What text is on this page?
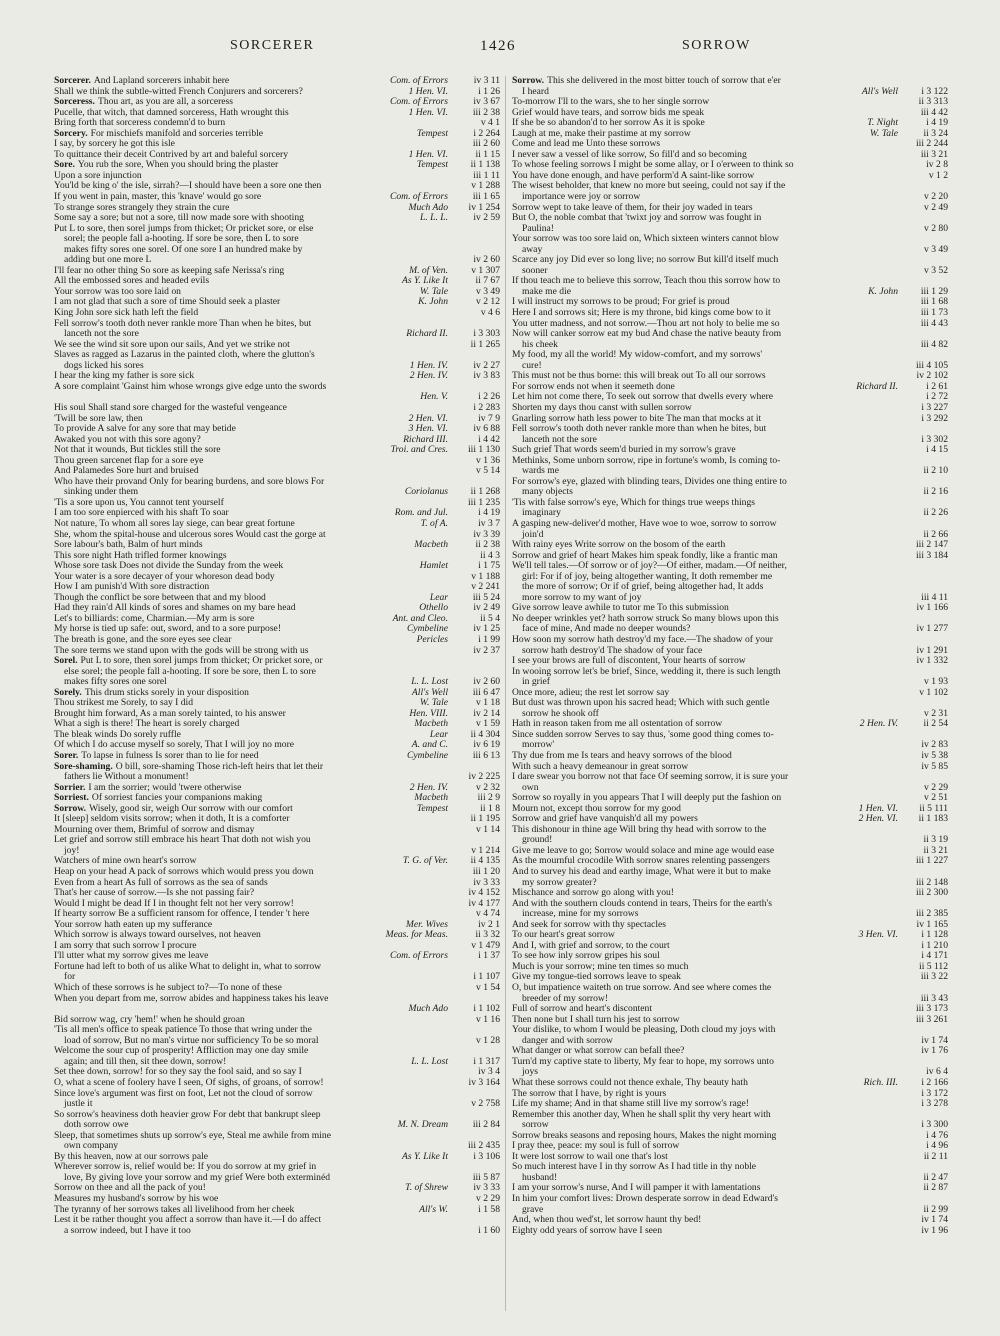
SORCERER	1426	SORROW
Sorcerer. And Lapland sorcerers inhabit here	Com. of Errors	iv 3 11
Shall we think the subtle-witted French Conjurers and sorcerers?	1 Hen. VI.	i 1 26
Sorceress. Thou art, as you are all, a sorceress	Com. of Errors	iv 3 67
Pucelle, that witch, that damned sorceress, Hath wrought this	1 Hen. VI.	iii 2 38
Bring forth that sorceress condemn'd to burn	v 4 1
Sorcery. For mischiefs manifold and sorceries terrible	Tempest	i 2 264
I say, by sorcery he got this isle	iii 2 60
To quittance their deceit Contrived by art and baleful sorcery	1 Hen. VI.	ii 1 15
Sore. You rub the sore, When you should bring the plaster	Tempest	ii 1 138
Upon a sore injunction	iii 1 11
You'ld be king o' the isle, sirrah?—I should have been a sore one then	v 1 288
If you went in pain, master, this 'knave' would go sore	Com. of Errors	iii 1 65
To strange sores strangely they strain the cure	Much Ado	iv 1 254
Some say a sore; but not a sore, till now made sore with shooting	L. L. L.	iv 2 59
Put L to sore, then sorel jumps from thicket; Or pricket sore, or else
sorel; the people fall a-hooting. If sore be sore, then L to sore
makes fifty sores one sorel. Of one sore I an hundred make by
adding but one more L	iv 2 60
I'll fear no other thing So sore as keeping safe Nerissa's ring	M. of Ven.	v 1 307
All the embossed sores and headed evils	As Y. Like It	ii 7 67
Your sorrow was too sore laid on	W. Tale	v 3 49
I am not glad that such a sore of time Should seek a plaster	K. John	v 2 12
King John sore sick hath left the field	v 4 6
Fell sorrow's tooth doth never rankle more Than when he bites, but
lanceth not the sore	Richard II.	i 3 303
We see the wind sit sore upon our sails, And yet we strike not	ii 1 265
Slaves as ragged as Lazarus in the painted cloth, where the glutton's
dogs licked his sores	1 Hen. IV.	iv 2 27
I hear the king my father is sore sick	2 Hen. IV.	iv 3 83
A sore complaint 'Gainst him whose wrongs give edge unto the swords
Hen. V.	i 2 26
His soul Shall stand sore charged for the wasteful vengeance	i 2 283
'Twill be sore law, then	2 Hen. VI.	iv 7 9
To provide A salve for any sore that may betide	3 Hen. VI.	iv 6 88
Awaked you not with this sore agony?	Richard III.	i 4 42
Not that it wounds, But tickles still the sore	Troi. and Cres.	iii 1 130
Thou green sarcenet flap for a sore eye	v 1 36
And Palamedes Sore hurt and bruised	v 5 14
Who have their provand Only for bearing burdens, and sore blows For
sinking under them	Coriolanus	ii 1 268
'Tis a sore upon us, You cannot tent yourself	iii 1 235
I am too sore enpierced with his shaft To soar	Rom. and Jul.	i 4 19
Not nature, To whom all sores lay siege, can bear great fortune	T. of A.	iv 3 7
She, whom the spital-house and ulcerous sores Would cast the gorge at	iv 3 39
Sore labour's bath, Balm of hurt minds	Macbeth	ii 2 38
This sore night Hath trifled former knowings	ii 4 3
Whose sore task Does not divide the Sunday from the week	Hamlet	i 1 75
Your water is a sore decayer of your whoreson dead body	v 1 188
How I am punish'd With sore distraction	v 2 241
Though the conflict be sore between that and my blood	Lear	iii 5 24
Had they rain'd All kinds of sores and shames on my bare head	Othello	iv 2 49
Let's to billiards: come, Charmian.—My arm is sore	Ant. and Cleo.	ii 5 4
My horse is tied up safe: out, sword, and to a sore purpose!	Cymbeline	iv 1 25
The breath is gone, and the sore eyes see clear	Pericles	i 1 99
The sore terms we stand upon with the gods will be strong with us	iv 2 37
Sorel. Put L to sore, then sorel jumps from thicket; Or pricket sore, or
else sorel; the people fall a-hooting. If sore be sore, then L to sore
makes fifty sores one sorel	L. L. Lost	iv 2 60
Sorely. This drum sticks sorely in your disposition	All's Well	iii 6 47
Thou strikest me Sorely, to say I did	W. Tale	v 1 18
Brought him forward, As a man sorely tainted, to his answer	Hen. VIII.	iv 2 14
What a sigh is there! The heart is sorely charged	Macbeth	v 1 59
The bleak winds Do sorely ruffle	Lear	ii 4 304
Of which I do accuse myself so sorely, That I will joy no more	A. and C.	iv 6 19
Sorer. To lapse in fulness Is sorer than to lie for need	Cymbeline	iii 6 13
Sore-shaming. O bill, sore-shaming Those rich-left heirs that let their
fathers lie Without a monument!	iv 2 225
Sorrier. I am the sorrier; would 'twere otherwise	2 Hen. IV.	v 2 32
Sorriest. Of sorriest fancies your companions making	Macbeth	iii 2 9
Sorrow. Wisely, good sir, weigh Our sorrow with our comfort	Tempest	ii 1 8
It [sleep] seldom visits sorrow; when it doth, It is a comforter	ii 1 195
Mourning over them, Brimful of sorrow and dismay	v 1 14
Let grief and sorrow still embrace his heart That doth not wish you
joy!	v 1 214
Watchers of mine own heart's sorrow	T. G. of Ver.	ii 4 135
Heap on your head A pack of sorrows which would press you down	iii 1 20
Even from a heart As full of sorrows as the sea of sands	iv 3 33
That's her cause of sorrow.—Is she not passing fair?	iv 4 152
Would I might be dead If I in thought felt not her very sorrow!	iv 4 177
If hearty sorrow Be a sufficient ransom for offence, I tender 't here	v 4 74
Your sorrow hath eaten up my sufferance	Mer. Wives	iv 2 1
Which sorrow is always toward ourselves, not heaven	Meas. for Meas.	ii 3 32
I am sorry that such sorrow I procure	v 1 479
I'll utter what my sorrow gives me leave	Com. of Errors	i 1 37
Fortune had left to both of us alike What to delight in, what to sorrow
for	i 1 107
Which of these sorrows is he subject to?—To none of these	v 1 54
When you depart from me, sorrow abides and happiness takes his leave
Much Ado	i 1 102
Bid sorrow wag, cry 'hem!' when he should groan	v 1 16
'Tis all men's office to speak patience To those that wring under the
load of sorrow, But no man's virtue nor sufficiency To be so moral	v 1 28
Welcome the sour cup of prosperity! Affliction may one day smile
again; and till then, sit thee down, sorrow!	L. L. Lost	i 1 317
Set thee down, sorrow! for so they say the fool said, and so say I	iv 3 4
O, what a scene of foolery have I seen, Of sighs, of groans, of sorrow!	iv 3 164
Since love's argument was first on foot, Let not the cloud of sorrow
justle it	v 2 758
So sorrow's heaviness doth heavier grow For debt that bankrupt sleep
doth sorrow owe	M. N. Dream	iii 2 84
Sleep, that sometimes shuts up sorrow's eye, Steal me awhile from mine
own company	iii 2 435
By this heaven, now at our sorrows pale	As Y. Like It	i 3 106
Wherever sorrow is, relief would be: If you do sorrow at my grief in
love, By giving love your sorrow and my grief Were both exterminéd	iii 5 87
Sorrow on thee and all the pack of you!	T. of Shrew	iv 3 33
Measures my husband's sorrow by his woe	v 2 29
The tyranny of her sorrows takes all livelihood from her cheek	All's W.	i 1 58
Lest it be rather thought you affect a sorrow than have it.—I do affect
a sorrow indeed, but I have it too	i 1 60
Sorrow. This she delivered in the most bitter touch of sorrow that e'er
I heard	All's Well	i 3 122
To-morrow I'll to the wars, she to her single sorrow	ii 3 313
Grief would have tears, and sorrow bids me speak	iii 4 42
If she be so abandon'd to her sorrow As it is spoke	T. Night	i 4 19
Laugh at me, make their pastime at my sorrow	W. Tale	ii 3 24
Come and lead me Unto these sorrows	iii 2 244
I never saw a vessel of like sorrow, So fill'd and so becoming	iii 3 21
To whose feeling sorrows I might be some allay, or I o'erween to think so	iv 2 8
You have done enough, and have perform'd A saint-like sorrow	v 1 2
The wisest beholder, that knew no more but seeing, could not say if the
importance were joy or sorrow	v 2 20
Sorrow wept to take leave of them, for their joy waded in tears	v 2 49
But O, the noble combat that 'twixt joy and sorrow was fought in
Paulina!	v 2 80
Your sorrow was too sore laid on, Which sixteen winters cannot blow
away	v 3 49
Scarce any joy Did ever so long live; no sorrow But kill'd itself much
sooner	v 3 52
If thou teach me to believe this sorrow, Teach thou this sorrow how to
make me die	K. John	iii 1 29
I will instruct my sorrows to be proud; For grief is proud	iii 1 68
Here I and sorrows sit; Here is my throne, bid kings come bow to it	iii 1 73
You utter madness, and not sorrow.—Thou art not holy to belie me so	iii 4 43
Now will canker sorrow eat my bud And chase the native beauty from
his cheek	iii 4 82
My food, my all the world! My widow-comfort, and my sorrows'
cure!	iii 4 105
This must not be thus borne: this will break out To all our sorrows	iv 2 102
For sorrow ends not when it seemeth done	Richard II.	i 2 61
Let him not come there, To seek out sorrow that dwells every where	i 2 72
Shorten my days thou canst with sullen sorrow	i 3 227
Gnarling sorrow hath less power to bite The man that mocks at it	i 3 292
Fell sorrow's tooth doth never rankle more than when he bites, but
lanceth not the sore	i 3 302
Such grief That words seem'd buried in my sorrow's grave	i 4 15
Methinks, Some unborn sorrow, ripe in fortune's womb, Is coming to-
wards me	ii 2 10
For sorrow's eye, glazed with blinding tears, Divides one thing entire to
many objects	ii 2 16
'Tis with false sorrow's eye, Which for things true weeps things
imaginary	ii 2 26
A gasping new-deliver'd mother, Have woe to woe, sorrow to sorrow
join'd	ii 2 66
With rainy eyes Write sorrow on the bosom of the earth	iii 2 147
Sorrow and grief of heart Makes him speak fondly, like a frantic man	iii 3 184
We'll tell tales.—Of sorrow or of joy?—Of either, madam.—Of neither,
girl: For if of joy, being altogether wanting, It doth remember me
the more of sorrow; Or if of grief, being altogether had, It adds
more sorrow to my want of joy	iii 4 11
Give sorrow leave awhile to tutor me To this submission	iv 1 166
No deeper wrinkles yet? hath sorrow struck So many blows upon this
face of mine, And made no deeper wounds?	iv 1 277
How soon my sorrow hath destroy'd my face.—The shadow of your
sorrow hath destroy'd The shadow of your face	iv 1 291
I see your brows are full of discontent, Your hearts of sorrow	iv 1 332
In wooing sorrow let's be brief, Since, wedding it, there is such length
in grief	v 1 93
Once more, adieu; the rest let sorrow say	v 1 102
But dust was thrown upon his sacred head; Which with such gentle
sorrow he shook off	v 2 31
Hath in reason taken from me all ostentation of sorrow	2 Hen. IV.	ii 2 54
Since sudden sorrow Serves to say thus, 'some good thing comes to-
morrow'	iv 2 83
Thy due from me Is tears and heavy sorrows of the blood	iv 5 38
With such a heavy demeanour in great sorrow	iv 5 85
I dare swear you borrow not that face Of seeming sorrow, it is sure your
own	v 2 29
Sorrow so royally in you appears That I will deeply put the fashion on	v 2 51
Mourn not, except thou sorrow for my good	1 Hen. VI.	ii 5 111
Sorrow and grief have vanquish'd all my powers	2 Hen. VI.	ii 1 183
This dishonour in thine age Will bring thy head with sorrow to the
ground!	ii 3 19
Give me leave to go; Sorrow would solace and mine age would ease	ii 3 21
As the mournful crocodile With sorrow snares relenting passengers	iii 1 227
And to survey his dead and earthy image, What were it but to make
my sorrow greater?	iii 2 148
Mischance and sorrow go along with you!	iii 2 300
And with the southern clouds contend in tears, Theirs for the earth's
increase, mine for my sorrows	iii 2 385
And seek for sorrow with thy spectacles	iv 1 165
To our heart's great sorrow	3 Hen. VI.	i 1 128
And I, with grief and sorrow, to the court	i 1 210
To see how inly sorrow gripes his soul	i 4 171
Much is your sorrow; mine ten times so much	ii 5 112
Give my tongue-tied sorrows leave to speak	iii 3 22
O, but impatience waiteth on true sorrow. And see where comes the
breeder of my sorrow!	iii 3 43
Full of sorrow and heart's discontent	iii 3 173
Then none but I shall turn his jest to sorrow	iii 3 261
Your dislike, to whom I would be pleasing, Doth cloud my joys with
danger and with sorrow	iv 1 74
What danger or what sorrow can befall thee?	iv 1 76
Turn'd my captive state to liberty, My fear to hope, my sorrows unto
joys	iv 6 4
What these sorrows could not thence exhale, Thy beauty hath	Rich. III.	i 2 166
The sorrow that I have, by right is yours	i 3 172
Life my shame; And in that shame still live my sorrow's rage!	i 3 278
Remember this another day, When he shall split thy very heart with
sorrow	i 3 300
Sorrow breaks seasons and reposing hours, Makes the night morning	i 4 76
I pray thee, peace: my soul is full of sorrow	i 4 96
It were lost sorrow to wail one that's lost	ii 2 11
So much interest have I in thy sorrow As I had title in thy noble
husband!	ii 2 47
I am your sorrow's nurse, And I will pamper it with lamentations	ii 2 87
In him your comfort lives: Drown desperate sorrow in dead Edward's
grave	ii 2 99
And, when thou wed'st, let sorrow haunt thy bed!	iv 1 74
Eighty odd years of sorrow have I seen	iv 1 96
